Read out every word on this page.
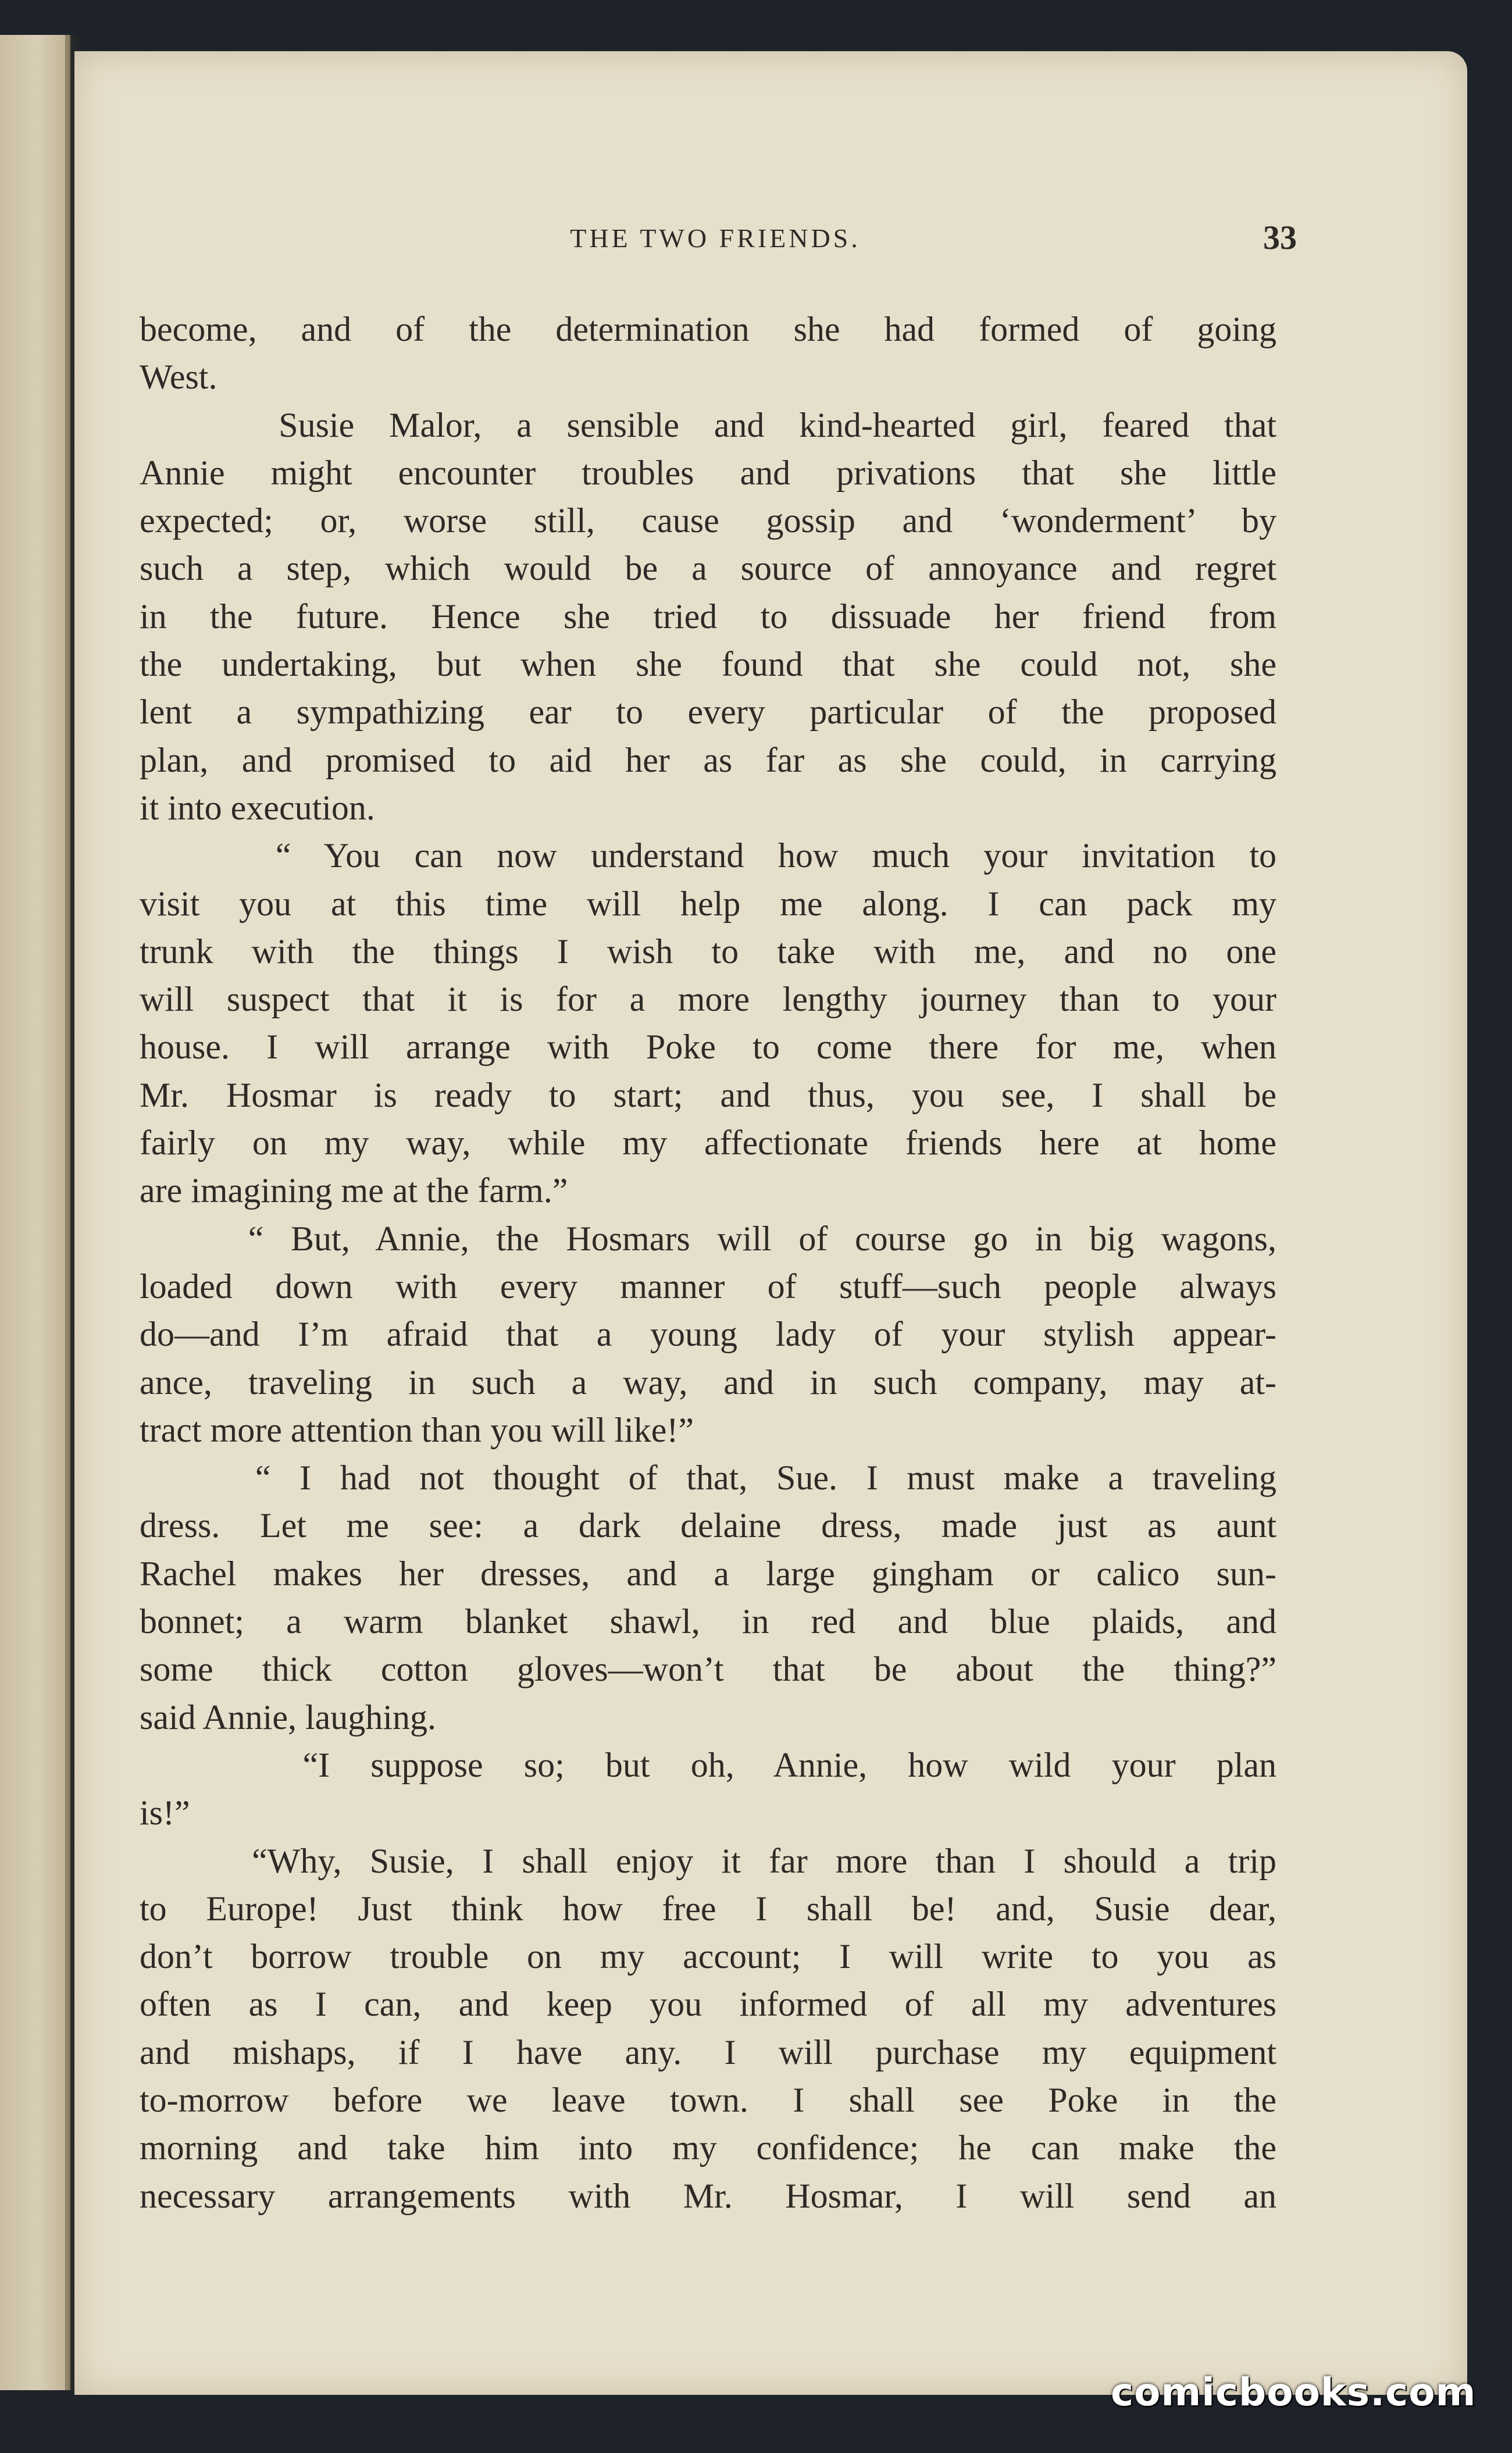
THE TWO FRIENDS.	33
become, and of the determination she had formed of going
West.
Susie Malor, a sensible and kind-hearted girl, feared that
Annie might encounter troubles and privations that she little
expected; or, worse still, cause gossip and ‘wonderment’ by
such a step, which would be a source of annoyance and regret
in the future. Hence she tried to dissuade her friend from
the undertaking, but when she found that she could not, she
lent a sympathizing ear to every particular of the proposed
plan, and promised to aid her as far as she could, in carrying
it into execution.
“ You can now understand how much your invitation to
visit you at this time will help me along. I can pack my
trunk with the things I wish to take with me, and no one
will suspect that it is for a more lengthy journey than to your
house. I will arrange with Poke to come there for me, when
Mr. Hosmar is ready to start; and thus, you see, I shall be
fairly on my way, while my affectionate friends here at home
are imagining me at the farm.”
“ But, Annie, the Hosmars will of course go in big wagons,
loaded down with every manner of stuff—such people always
do—and I’m afraid that a young lady of your stylish appear-
ance, traveling in such a way, and in such company, may at-
tract more attention than you will like!”
“ I had not thought of that, Sue. I must make a traveling
dress. Let me see: a dark delaine dress, made just as aunt
Rachel makes her dresses, and a large gingham or calico sun-
bonnet; a warm blanket shawl, in red and blue plaids, and
some thick cotton gloves—won’t that be about the thing?”
said Annie, laughing.
“I suppose so; but oh, Annie, how wild your plan
is!”
“Why, Susie, I shall enjoy it far more than I should a trip
to Europe! Just think how free I shall be! and, Susie dear,
don’t borrow trouble on my account; I will write to you as
often as I can, and keep you informed of all my adventures
and mishaps, if I have any. I will purchase my equipment
to-morrow before we leave town. I shall see Poke in the
morning and take him into my confidence; he can make the
necessary arrangements with Mr. Hosmar, I will send an
comicbooks.com
